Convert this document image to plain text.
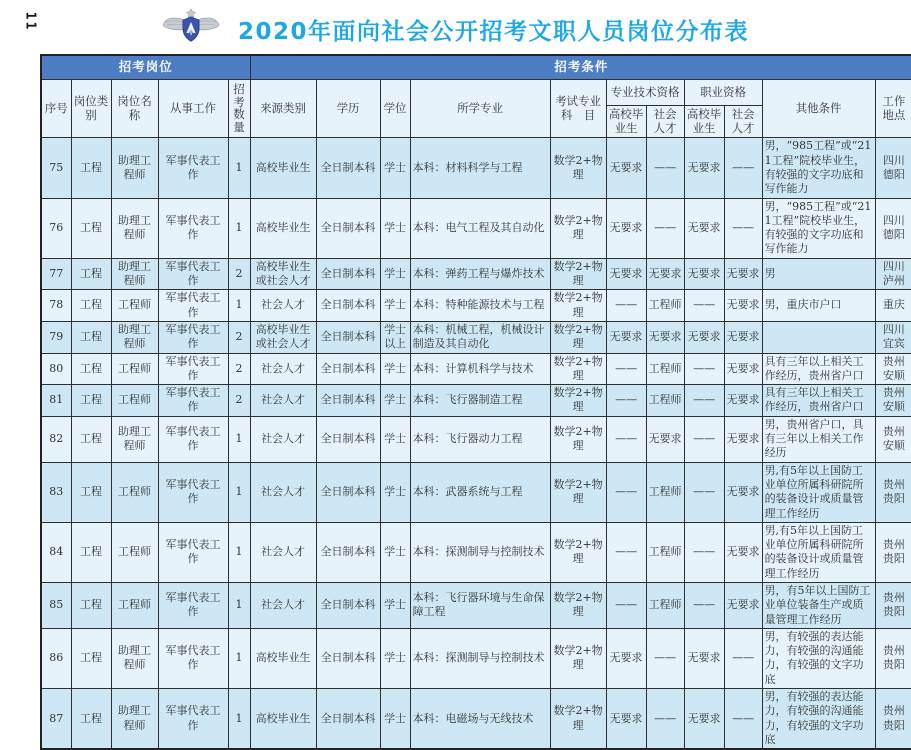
11	2020年面向社会公开招考文职人员岗位分布表
招考岗位					招考条件										
序号	岗位类别	岗位名称	从事工作	招考数量	来源类别	学历	学位	所学专业	考试专业科　目	专业技术资格		职业资格		其他条件	工作地点
										高校毕业生	社会人才	高校毕业生	社会人才		
75	工程	助理工程师	军事代表工作	1	高校毕业生	全日制本科	学士	本科：材料科学与工程	数学2+物理	无要求	——	无要求	——	男，“985工程”或“211工程”院校毕业生，有较强的文字功底和写作能力	四川德阳
76	工程	助理工程师	军事代表工作	1	高校毕业生	全日制本科	学士	本科：电气工程及其自动化	数学2+物理	无要求	——	无要求	——	男，“985工程”或“211工程”院校毕业生，有较强的文字功底和写作能力	四川德阳
77	工程	助理工程师	军事代表工作	2	高校毕业生或社会人才	全日制本科	学士	本科：弹药工程与爆炸技术	数学2+物理	无要求	无要求	无要求	无要求	男	四川泸州
78	工程	工程师	军事代表工作	1	社会人才	全日制本科	学士	本科：特种能源技术与工程	数学2+物理	——	工程师	——	无要求	男，重庆市户口	重庆
79	工程	助理工程师	军事代表工作	2	高校毕业生或社会人才	全日制本科	学士以上	本科：机械工程，机械设计制造及其自动化	数学2+物理	无要求	无要求	无要求	无要求		四川宜宾
80	工程	工程师	军事代表工作	2	社会人才	全日制本科	学士	本科：计算机科学与技术	数学2+物理	——	工程师	——	无要求	具有三年以上相关工作经历，贵州省户口	贵州安顺
81	工程	工程师	军事代表工作	2	社会人才	全日制本科	学士	本科：飞行器制造工程	数学2+物理	——	工程师	——	无要求	具有三年以上相关工作经历，贵州省户口	贵州安顺
82	工程	助理工程师	军事代表工作	1	社会人才	全日制本科	学士	本科：飞行器动力工程	数学2+物理	——	无要求	——	无要求	男，贵州省户口，具有三年以上相关工作经历	贵州安顺
83	工程	工程师	军事代表工作	1	社会人才	全日制本科	学士	本科：武器系统与工程	数学2+物理	——	工程师	——	无要求	男,有5年以上国防工业单位所属科研院所的装备设计或质量管理工作经历	贵州贵阳
84	工程	工程师	军事代表工作	1	社会人才	全日制本科	学士	本科：探测制导与控制技术	数学2+物理	——	工程师	——	无要求	男,有5年以上国防工业单位所属科研院所的装备设计或质量管理工作经历	贵州贵阳
85	工程	工程师	军事代表工作	1	社会人才	全日制本科	学士	本科：飞行器环境与生命保障工程	数学2+物理	——	工程师	——	无要求	男，有5年以上国防工业单位装备生产或质量管理工作经历	贵州贵阳
86	工程	助理工程师	军事代表工作	1	高校毕业生	全日制本科	学士	本科：探测制导与控制技术	数学2+物理	无要求	——	无要求	——	男，有较强的表达能力，有较强的沟通能力，有较强的文字功底	贵州贵阳
87	工程	助理工程师	军事代表工作	1	高校毕业生	全日制本科	学士	本科：电磁场与无线技术	数学2+物理	无要求	——	无要求	——	男，有较强的表达能力，有较强的沟通能力，有较强的文字功底	贵州贵阳
